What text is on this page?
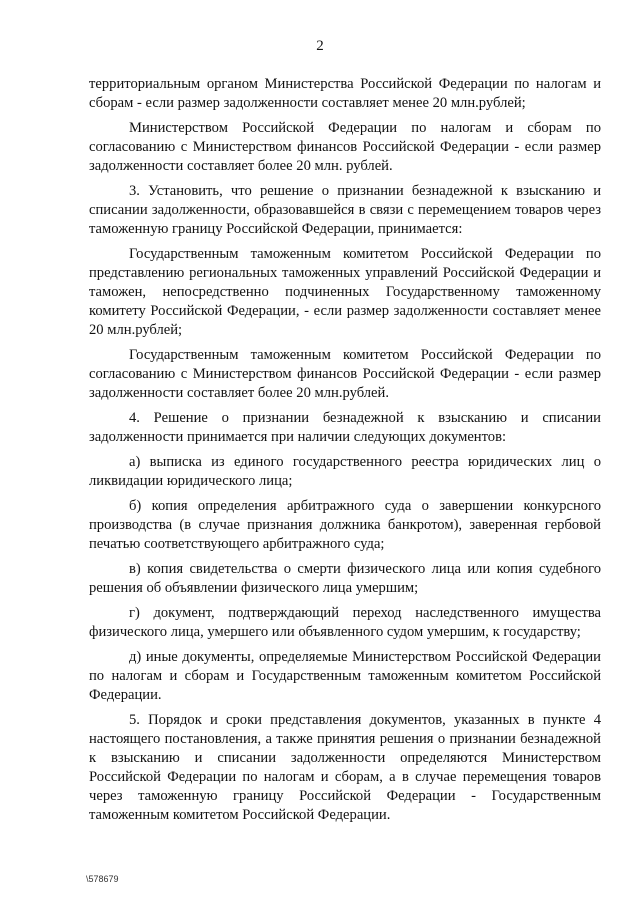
2

территориальным органом Министерства Российской Федерации по налогам и сборам - если размер задолженности составляет менее 20 млн.рублей;

Министерством Российской Федерации по налогам и сборам по согласованию с Министерством финансов Российской Федерации - если размер задолженности составляет более 20 млн. рублей.

3. Установить, что решение о признании безнадежной к взысканию и списании задолженности, образовавшейся в связи с перемещением товаров через таможенную границу Российской Федерации, принимается:

Государственным таможенным комитетом Российской Федерации по представлению региональных таможенных управлений Российской Федерации и таможен, непосредственно подчиненных Государственному таможенному комитету Российской Федерации, - если размер задолженности составляет менее 20 млн.рублей;

Государственным таможенным комитетом Российской Федерации по согласованию с Министерством финансов Российской Федерации - если размер задолженности составляет более 20 млн.рублей.

4. Решение о признании безнадежной к взысканию и списании задолженности принимается при наличии следующих документов:

а) выписка из единого государственного реестра юридических лиц о ликвидации юридического лица;

б) копия определения арбитражного суда о завершении конкурсного производства (в случае признания должника банкротом), заверенная гербовой печатью соответствующего арбитражного суда;

в) копия свидетельства о смерти физического лица или копия судебного решения об объявлении физического лица умершим;

г) документ, подтверждающий переход наследственного имущества физического лица, умершего или объявленного судом умершим, к государству;

д) иные документы, определяемые Министерством Российской Федерации по налогам и сборам и Государственным таможенным комитетом Российской Федерации.

5. Порядок и сроки представления документов, указанных в пункте 4 настоящего постановления, а также принятия решения о признании безнадежной к взысканию и списании задолженности определяются Министерством Российской Федерации по налогам и сборам, а в случае перемещения товаров через таможенную границу Российской Федерации - Государственным таможенным комитетом Российской Федерации.

\578679
